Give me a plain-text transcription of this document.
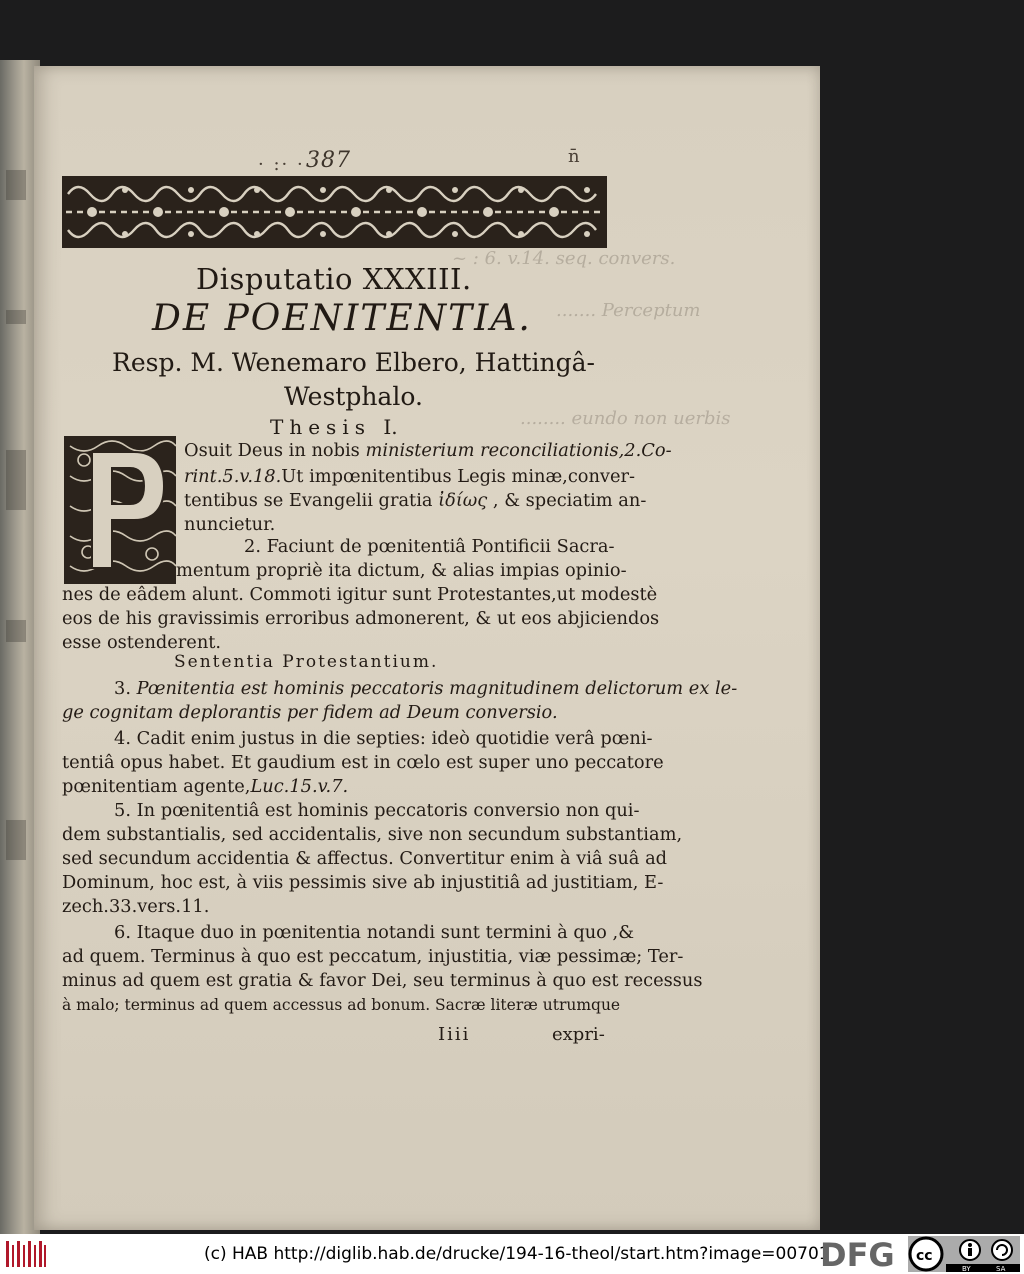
~ : 6. v.14. seq. convers.
....... Perceptum
........ eundo non uerbis
· :· · 387	n̄
Disputatio XXXIII.
DE POENITENTIA.
Resp. M. Wenemaro Elbero, Hattingâ-
Westphalo.
Thesis I.
P
Osuit Deus in nobis ministerium reconciliationis,2.Co-
rint.5.v.18.Ut impœnitentibus Legis minæ,conver-
tentibus se Evangelii gratia ἰδίως , & speciatim an-
nuncietur.
2. Faciunt de pœnitentiâ Pontificii Sacra-
mentum propriè ita dictum, & alias impias opinio-
nes de eâdem alunt. Commoti igitur sunt Protestantes,ut modestè
eos de his gravissimis erroribus admonerent, & ut eos abjiciendos
esse ostenderent.
Sententia Protestantium.
3. Pœnitentia est hominis peccatoris magnitudinem delictorum ex le-
ge cognitam deplorantis per fidem ad Deum conversio.
4. Cadit enim justus in die septies: ideò quotidie verâ pœni-
tentiâ opus habet. Et gaudium est in cœlo est super uno peccatore
pœnitentiam agente,Luc.15.v.7.
5. In pœnitentiâ est hominis peccatoris conversio non qui-
dem substantialis, sed accidentalis, sive non secundum substantiam,
sed secundum accidentia & affectus. Convertitur enim à viâ suâ ad
Dominum, hoc est, à viis pessimis sive ab injustitiâ ad justitiam, E-
zech.33.vers.11.
6. Itaque duo in pœnitentia notandi sunt termini à quo ,&
ad quem. Terminus à quo est peccatum, injustitia, viæ pessimæ; Ter-
minus ad quem est gratia & favor Dei, seu terminus à quo est recessus
à malo; terminus ad quem accessus ad bonum. Sacræ literæ utrumque
Iiii	expri-
(c) HAB http://diglib.hab.de/drucke/194-16-theol/start.htm?image=00701
DFG cc
BY	SA
